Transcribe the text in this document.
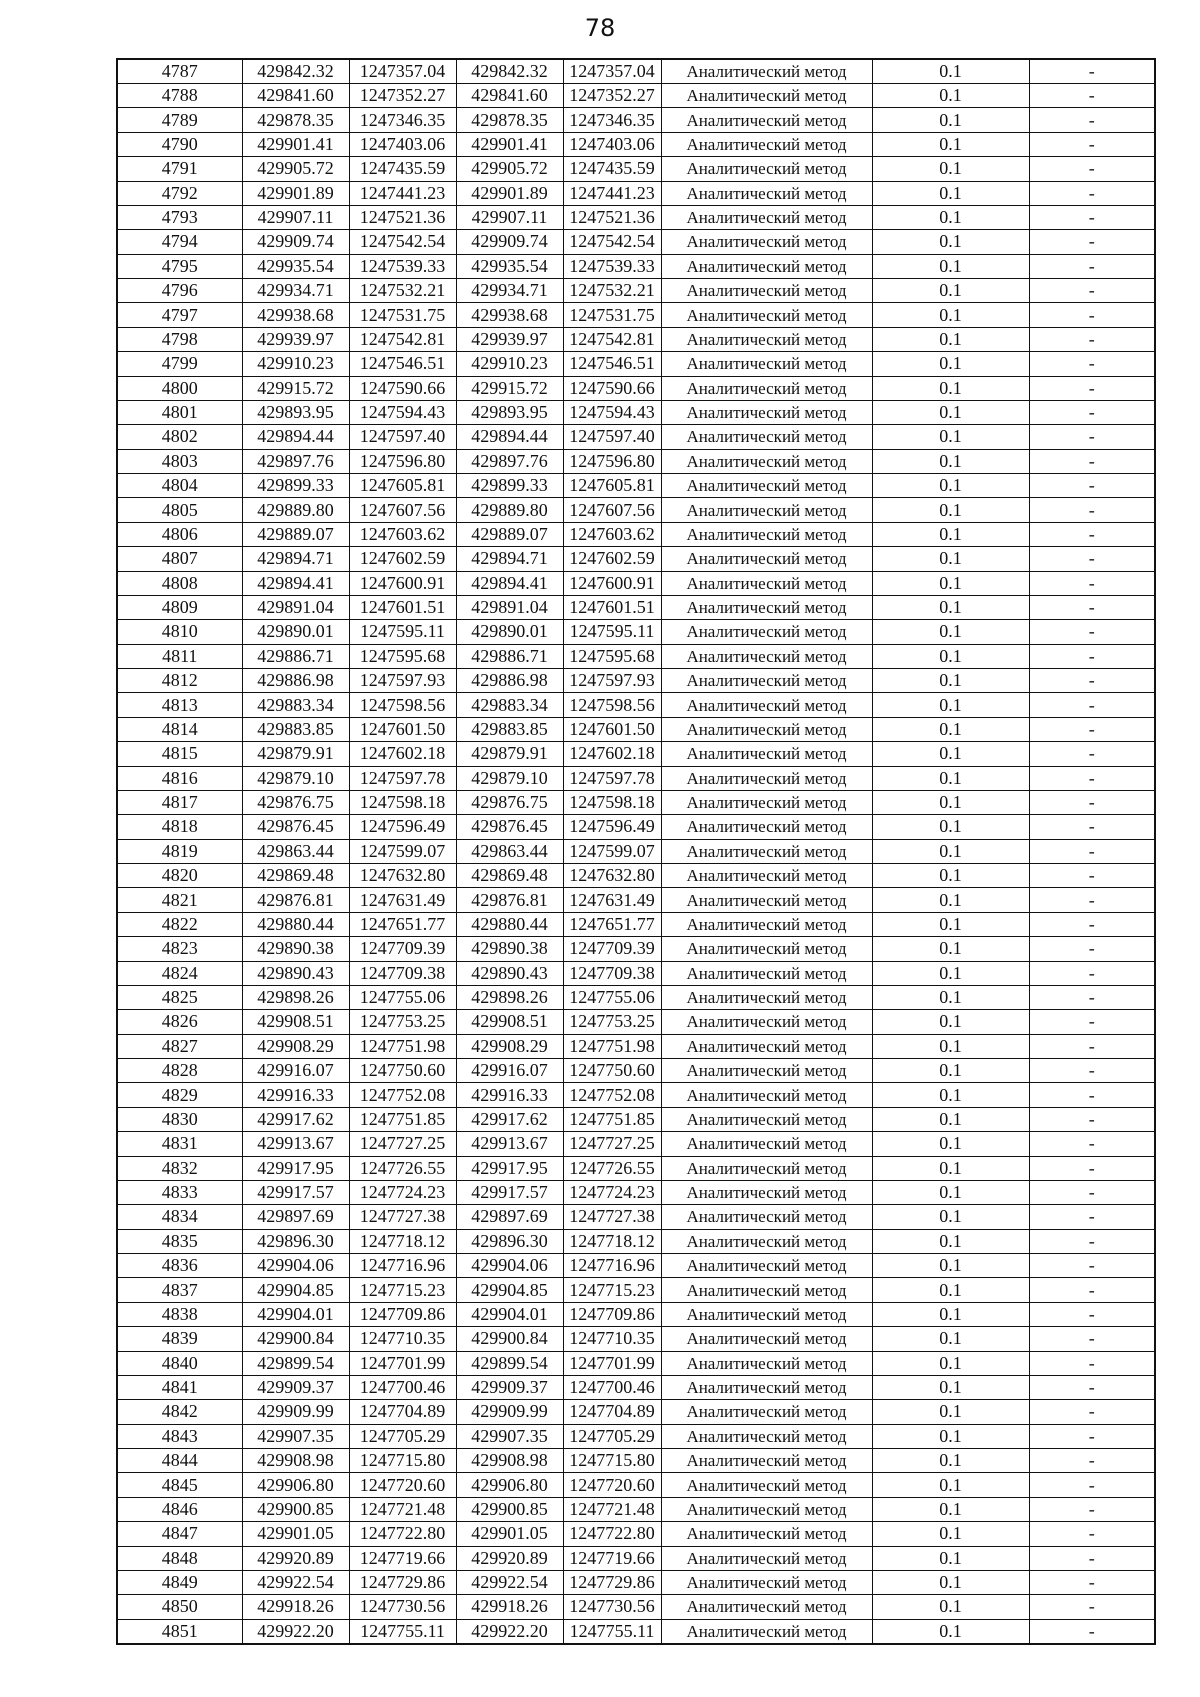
78
4787	429842.32	1247357.04	429842.32	1247357.04	Аналитический метод	0.1	-
4788	429841.60	1247352.27	429841.60	1247352.27	Аналитический метод	0.1	-
4789	429878.35	1247346.35	429878.35	1247346.35	Аналитический метод	0.1	-
4790	429901.41	1247403.06	429901.41	1247403.06	Аналитический метод	0.1	-
4791	429905.72	1247435.59	429905.72	1247435.59	Аналитический метод	0.1	-
4792	429901.89	1247441.23	429901.89	1247441.23	Аналитический метод	0.1	-
4793	429907.11	1247521.36	429907.11	1247521.36	Аналитический метод	0.1	-
4794	429909.74	1247542.54	429909.74	1247542.54	Аналитический метод	0.1	-
4795	429935.54	1247539.33	429935.54	1247539.33	Аналитический метод	0.1	-
4796	429934.71	1247532.21	429934.71	1247532.21	Аналитический метод	0.1	-
4797	429938.68	1247531.75	429938.68	1247531.75	Аналитический метод	0.1	-
4798	429939.97	1247542.81	429939.97	1247542.81	Аналитический метод	0.1	-
4799	429910.23	1247546.51	429910.23	1247546.51	Аналитический метод	0.1	-
4800	429915.72	1247590.66	429915.72	1247590.66	Аналитический метод	0.1	-
4801	429893.95	1247594.43	429893.95	1247594.43	Аналитический метод	0.1	-
4802	429894.44	1247597.40	429894.44	1247597.40	Аналитический метод	0.1	-
4803	429897.76	1247596.80	429897.76	1247596.80	Аналитический метод	0.1	-
4804	429899.33	1247605.81	429899.33	1247605.81	Аналитический метод	0.1	-
4805	429889.80	1247607.56	429889.80	1247607.56	Аналитический метод	0.1	-
4806	429889.07	1247603.62	429889.07	1247603.62	Аналитический метод	0.1	-
4807	429894.71	1247602.59	429894.71	1247602.59	Аналитический метод	0.1	-
4808	429894.41	1247600.91	429894.41	1247600.91	Аналитический метод	0.1	-
4809	429891.04	1247601.51	429891.04	1247601.51	Аналитический метод	0.1	-
4810	429890.01	1247595.11	429890.01	1247595.11	Аналитический метод	0.1	-
4811	429886.71	1247595.68	429886.71	1247595.68	Аналитический метод	0.1	-
4812	429886.98	1247597.93	429886.98	1247597.93	Аналитический метод	0.1	-
4813	429883.34	1247598.56	429883.34	1247598.56	Аналитический метод	0.1	-
4814	429883.85	1247601.50	429883.85	1247601.50	Аналитический метод	0.1	-
4815	429879.91	1247602.18	429879.91	1247602.18	Аналитический метод	0.1	-
4816	429879.10	1247597.78	429879.10	1247597.78	Аналитический метод	0.1	-
4817	429876.75	1247598.18	429876.75	1247598.18	Аналитический метод	0.1	-
4818	429876.45	1247596.49	429876.45	1247596.49	Аналитический метод	0.1	-
4819	429863.44	1247599.07	429863.44	1247599.07	Аналитический метод	0.1	-
4820	429869.48	1247632.80	429869.48	1247632.80	Аналитический метод	0.1	-
4821	429876.81	1247631.49	429876.81	1247631.49	Аналитический метод	0.1	-
4822	429880.44	1247651.77	429880.44	1247651.77	Аналитический метод	0.1	-
4823	429890.38	1247709.39	429890.38	1247709.39	Аналитический метод	0.1	-
4824	429890.43	1247709.38	429890.43	1247709.38	Аналитический метод	0.1	-
4825	429898.26	1247755.06	429898.26	1247755.06	Аналитический метод	0.1	-
4826	429908.51	1247753.25	429908.51	1247753.25	Аналитический метод	0.1	-
4827	429908.29	1247751.98	429908.29	1247751.98	Аналитический метод	0.1	-
4828	429916.07	1247750.60	429916.07	1247750.60	Аналитический метод	0.1	-
4829	429916.33	1247752.08	429916.33	1247752.08	Аналитический метод	0.1	-
4830	429917.62	1247751.85	429917.62	1247751.85	Аналитический метод	0.1	-
4831	429913.67	1247727.25	429913.67	1247727.25	Аналитический метод	0.1	-
4832	429917.95	1247726.55	429917.95	1247726.55	Аналитический метод	0.1	-
4833	429917.57	1247724.23	429917.57	1247724.23	Аналитический метод	0.1	-
4834	429897.69	1247727.38	429897.69	1247727.38	Аналитический метод	0.1	-
4835	429896.30	1247718.12	429896.30	1247718.12	Аналитический метод	0.1	-
4836	429904.06	1247716.96	429904.06	1247716.96	Аналитический метод	0.1	-
4837	429904.85	1247715.23	429904.85	1247715.23	Аналитический метод	0.1	-
4838	429904.01	1247709.86	429904.01	1247709.86	Аналитический метод	0.1	-
4839	429900.84	1247710.35	429900.84	1247710.35	Аналитический метод	0.1	-
4840	429899.54	1247701.99	429899.54	1247701.99	Аналитический метод	0.1	-
4841	429909.37	1247700.46	429909.37	1247700.46	Аналитический метод	0.1	-
4842	429909.99	1247704.89	429909.99	1247704.89	Аналитический метод	0.1	-
4843	429907.35	1247705.29	429907.35	1247705.29	Аналитический метод	0.1	-
4844	429908.98	1247715.80	429908.98	1247715.80	Аналитический метод	0.1	-
4845	429906.80	1247720.60	429906.80	1247720.60	Аналитический метод	0.1	-
4846	429900.85	1247721.48	429900.85	1247721.48	Аналитический метод	0.1	-
4847	429901.05	1247722.80	429901.05	1247722.80	Аналитический метод	0.1	-
4848	429920.89	1247719.66	429920.89	1247719.66	Аналитический метод	0.1	-
4849	429922.54	1247729.86	429922.54	1247729.86	Аналитический метод	0.1	-
4850	429918.26	1247730.56	429918.26	1247730.56	Аналитический метод	0.1	-
4851	429922.20	1247755.11	429922.20	1247755.11	Аналитический метод	0.1	-
